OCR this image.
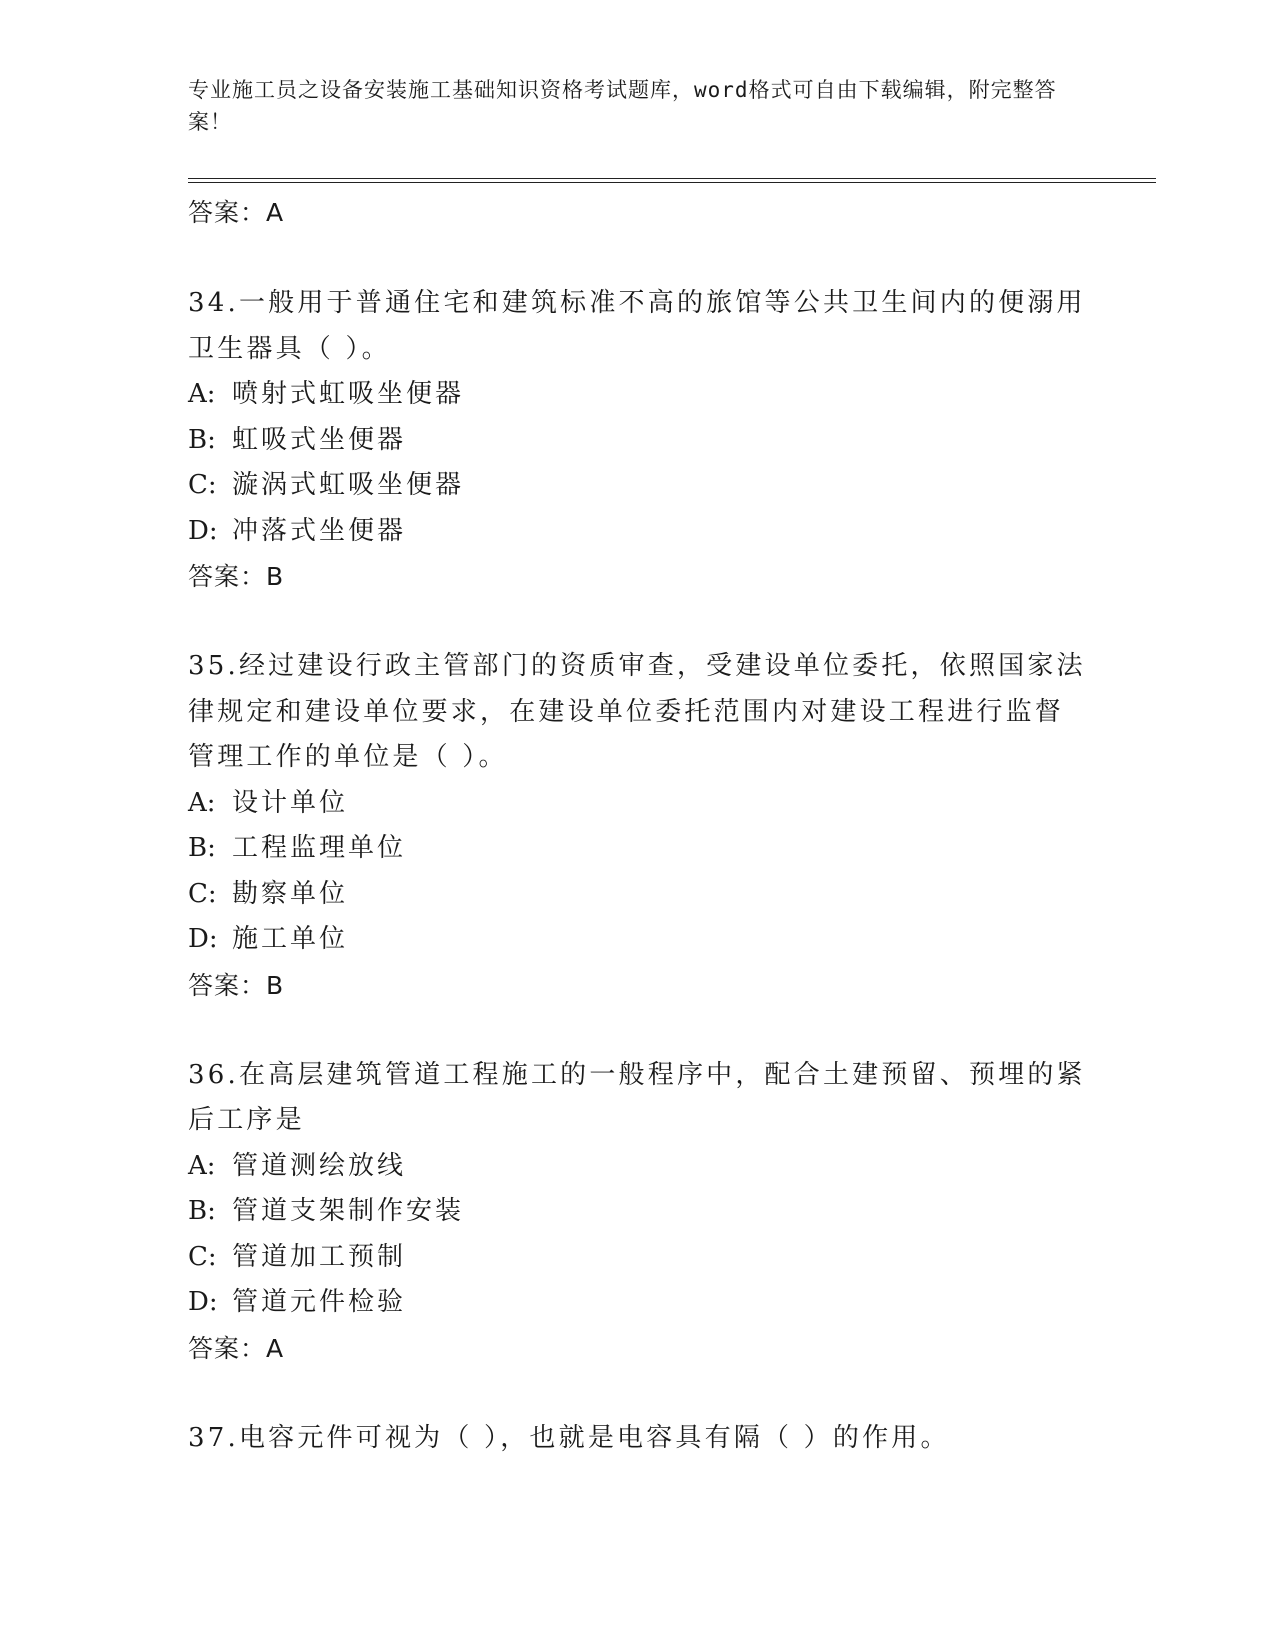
专业施工员之设备安装施工基础知识资格考试题库，word格式可自由下载编辑，附完整答案！
答案：A
34.一般用于普通住宅和建筑标准不高的旅馆等公共卫生间内的便溺用卫生器具（ ）。
A: 喷射式虹吸坐便器
B: 虹吸式坐便器
C: 漩涡式虹吸坐便器
D: 冲落式坐便器
答案：B
35.经过建设行政主管部门的资质审查，受建设单位委托，依照国家法律规定和建设单位要求，在建设单位委托范围内对建设工程进行监督管理工作的单位是（ ）。
A: 设计单位
B: 工程监理单位
C: 勘察单位
D: 施工单位
答案：B
36.在高层建筑管道工程施工的一般程序中，配合土建预留、预埋的紧后工序是
A: 管道测绘放线
B: 管道支架制作安装
C: 管道加工预制
D: 管道元件检验
答案：A
37.电容元件可视为（ ），也就是电容具有隔（ ）的作用。
